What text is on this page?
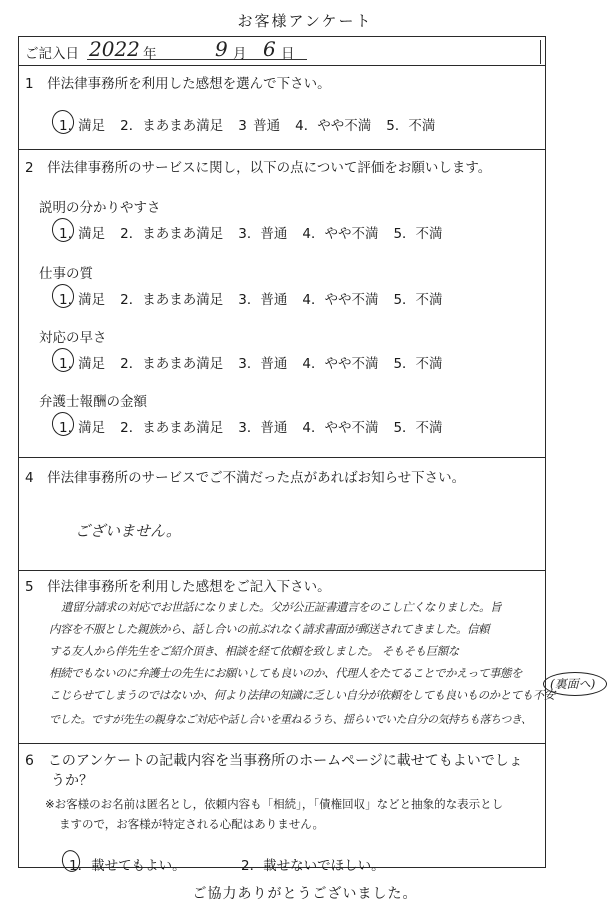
お客様アンケート
ご記入日 2022 年	9 月 6 日
1　伴法律事務所を利用した感想を選んで下さい。
1. 満足 2．まあまあ満足 3 普通 4．やや不満 5．不満
2　伴法律事務所のサービスに関し，以下の点について評価をお願いします。
説明の分かりやすさ
1. 満足 2．まあまあ満足 3．普通 4．やや不満 5．不満
仕事の質
1. 満足 2．まあまあ満足 3．普通 4．やや不満 5．不満
対応の早さ
1. 満足 2．まあまあ満足 3．普通 4．やや不満 5．不満
弁護士報酬の金額
1. 満足 2．まあまあ満足 3．普通 4．やや不満 5．不満
4　伴法律事務所のサービスでご不満だった点があればお知らせ下さい。
ございません。
5　伴法律事務所を利用した感想をご記入下さい。
遺留分請求の対応でお世話になりました。父が公正証書遺言をのこし亡くなりました。旨
内容を不服とした親族から、話し合いの前ぶれなく請求書面が郵送されてきました。信頼
する友人から伴先生をご紹介頂き、相談を経て依頼を致しました。 そもそも巨額な
相続でもないのに弁護士の先生にお願いしても良いのか、代理人をたてることでかえって事態を
こじらせてしまうのではないか、何より法律の知識に乏しい自分が依頼をしても良いものかとても不安
でした。ですが先生の親身なご対応や話し合いを重ねるうち、揺らいでいた自分の気持ちも落ちつき、
6　このアンケートの記載内容を当事務所のホームページに載せてもよいでしょ
うか？
※お客様のお名前は匿名とし，依頼内容も「相続」，「債権回収」などと抽象的な表示とし
ますので，お客様が特定される心配はありません。
1．載せてもよい。	2．載せないでほしい。
(裏面へ)
ご協力ありがとうございました。
